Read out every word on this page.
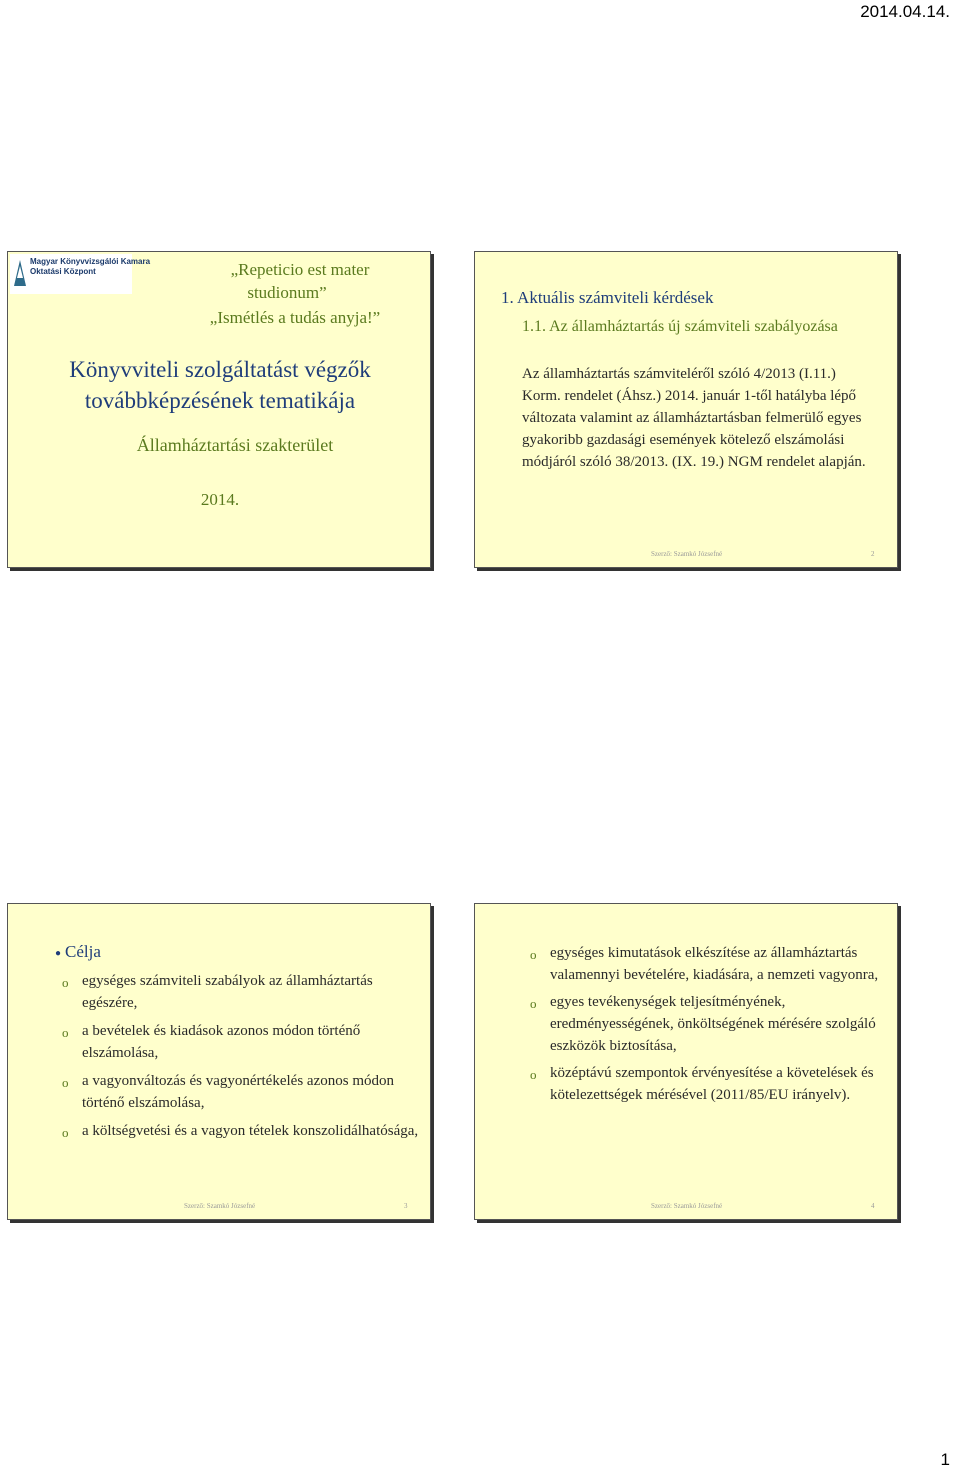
2014.04.14.
Magyar Könyvvizsgálói Kamara
Oktatási Központ	„Repeticio est mater
studionum”
„Ismétlés a tudás anyja!”
Könyvviteli szolgáltatást végzők
továbbképzésének tematikája
Államháztartási szakterület
2014.
1. Aktuális számviteli kérdések
1.1. Az államháztartás új számviteli szabályozása
Az államháztartás számviteléről szóló 4/2013 (I.11.) Korm. rendelet (Áhsz.) 2014. január 1-től hatályba lépő változata valamint az államháztartásban felmerülő egyes gyakoribb gazdasági események kötelező elszámolási módjáról szóló 38/2013. (IX. 19.) NGM rendelet alapján.
Szerző: Szamkó Józsefné	2
● Célja
o egységes számviteli szabályok az államháztartás egészére,
o a bevételek és kiadások azonos módon történő elszámolása,
o a vagyonváltozás és vagyonértékelés azonos módon történő elszámolása,
o a költségvetési és a vagyon tételek konszolidálhatósága,
Szerző: Szamkó Józsefné	3
o egységes kimutatások elkészítése az államháztartás valamennyi bevételére, kiadására, a nemzeti vagyonra,
o egyes tevékenységek teljesítményének, eredményességének, önköltségének mérésére szolgáló eszközök biztosítása,
o középtávú szempontok érvényesítése a követelések és kötelezettségek mérésével (2011/85/EU irányelv).
Szerző: Szamkó Józsefné	4
1
